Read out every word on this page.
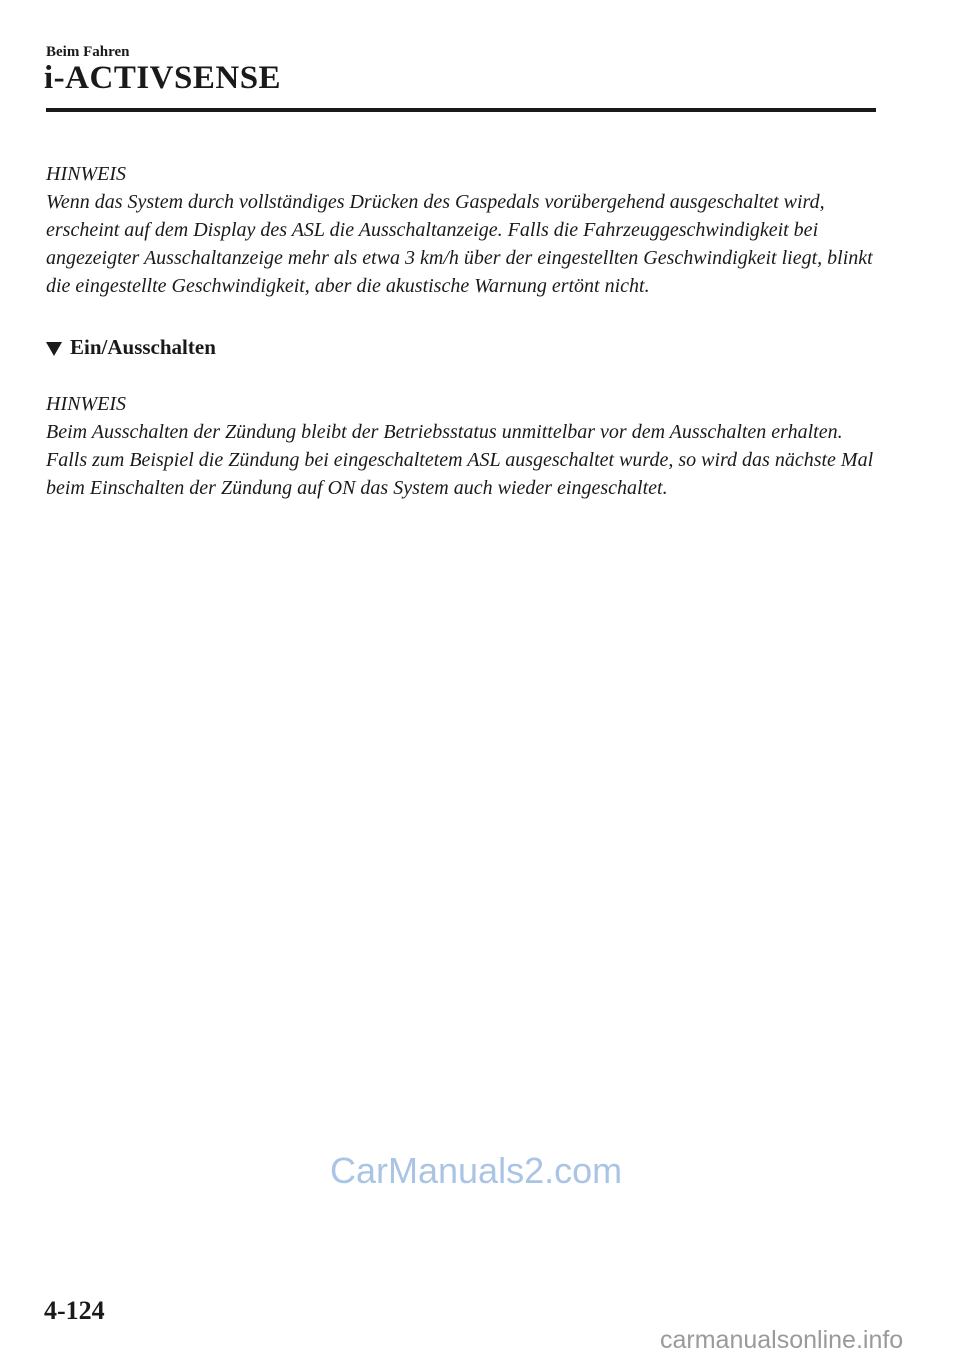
Beim Fahren
i-ACTIVSENSE
HINWEIS

Wenn das System durch vollständiges Drücken des Gaspedals vorübergehend ausgeschaltet wird, erscheint auf dem Display des ASL die Ausschaltanzeige. Falls die Fahrzeuggeschwindigkeit bei angezeigter Ausschaltanzeige mehr als etwa 3 km/h über der eingestellten Geschwindigkeit liegt, blinkt die eingestellte Geschwindigkeit, aber die akustische Warnung ertönt nicht.

Ein/Ausschalten
HINWEIS

Beim Ausschalten der Zündung bleibt der Betriebsstatus unmittelbar vor dem Ausschalten erhalten.

Falls zum Beispiel die Zündung bei eingeschaltetem ASL ausgeschaltet wurde, so wird das nächste Mal beim Einschalten der Zündung auf ON das System auch wieder eingeschaltet.

CarManuals2.com
4-124
carmanualsonline.info
